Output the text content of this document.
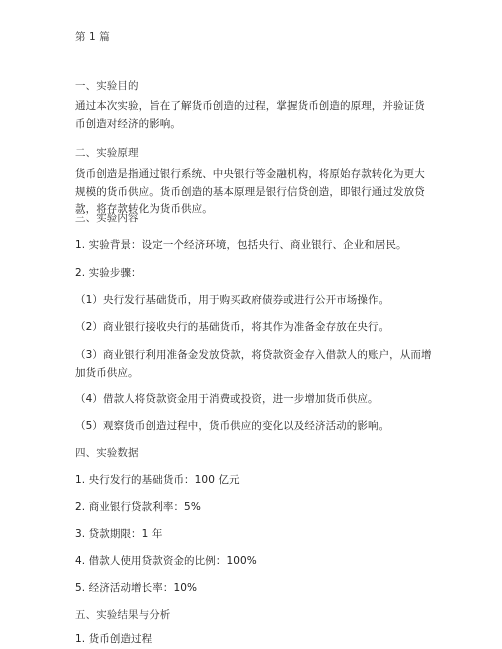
第 1 篇
一、实验目的
通过本次实验，旨在了解货币创造的过程，掌握货币创造的原理，并验证货币创造对经济的影响。
二、实验原理
货币创造是指通过银行系统、中央银行等金融机构，将原始存款转化为更大规模的货币供应。货币创造的基本原理是银行信贷创造，即银行通过发放贷款，将存款转化为货币供应。
三、实验内容
1. 实验背景：设定一个经济环境，包括央行、商业银行、企业和居民。
2. 实验步骤：
（1）央行发行基础货币，用于购买政府债券或进行公开市场操作。
（2）商业银行接收央行的基础货币，将其作为准备金存放在央行。
（3）商业银行利用准备金发放贷款，将贷款资金存入借款人的账户，从而增加货币供应。
（4）借款人将贷款资金用于消费或投资，进一步增加货币供应。
（5）观察货币创造过程中，货币供应的变化以及经济活动的影响。
四、实验数据
1. 央行发行的基础货币：100 亿元
2. 商业银行贷款利率：5%
3. 贷款期限：1 年
4. 借款人使用贷款资金的比例：100%
5. 经济活动增长率：10%
五、实验结果与分析
1. 货币创造过程
